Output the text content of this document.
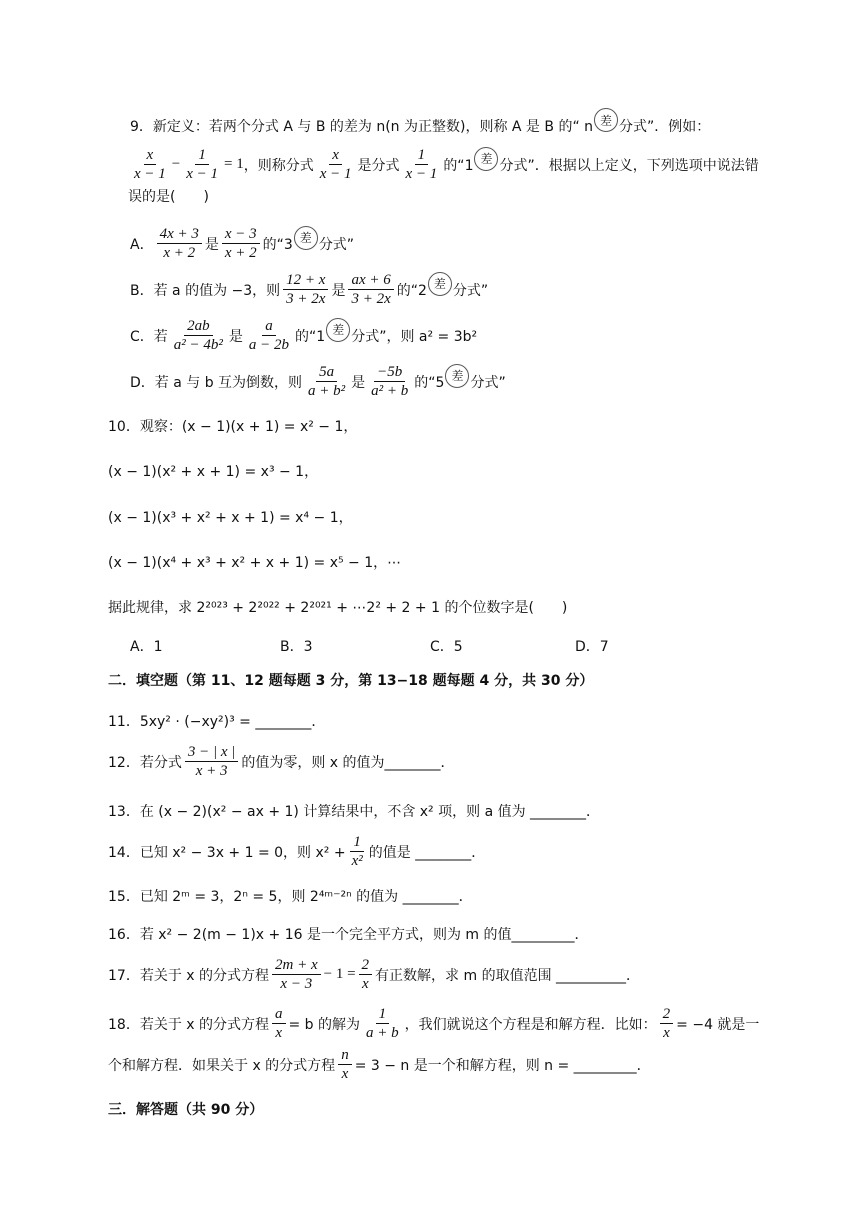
9．新定义：若两个分式 A 与 B 的差为 n(n 为正整数)，则称 A 是 B 的“ n 差 分式”．例如：
$\frac{x}{x - 1} - \frac{1}{x - 1} = 1$ ，则称分式 $\frac{x}{x - 1}$ 是分式 $\frac{1}{x - 1}$ 的“1 差 分式”．根据以上定义，下列选项中说法错
误的是(　　)
A． $\frac{4x + 3}{x + 2}$ 是 $\frac{x - 3}{x + 2}$ 的“3 差 分式”
B．若 a 的值为 −3，则 $\frac{12 + x}{3 + 2x}$ 是 $\frac{ax + 6}{3 + 2x}$ 的“2 差 分式”
C．若 $\frac{2ab}{\text{a² − 4b²}}$ 是 $\frac{a}{a - 2b}$ 的“1 差 分式”，则 a² = 3b²
D．若 a 与 b 互为倒数，则 $\frac{5a}{\text{a + b²}}$ 是 $\frac{-5b}{\text{a² + b}}$ 的“5 差 分式”
10．观察：(x − 1)(x + 1) = x² − 1，
(x − 1)(x² + x + 1) = x³ − 1，
(x − 1)(x³ + x² + x + 1) = x⁴ − 1，
(x − 1)(x⁴ + x³ + x² + x + 1) = x⁵ − 1，⋯
据此规律，求 2²⁰²³ + 2²⁰²² + 2²⁰²¹ + ⋯2² + 2 + 1 的个位数字是(　　)
A．1	B．3	C．5	D．7
二．填空题（第 11、12 题每题 3 分，第 13−18 题每题 4 分，共 30 分）
11．5xy² · (−xy²)³ = ________．
12．若分式 $\frac{3 - | x |}{x + 3}$ 的值为零，则 x 的值为________．
13．在 (x − 2)(x² − ax + 1) 计算结果中，不含 x² 项，则 a 值为 ________．
14．已知 x² − 3x + 1 = 0，则 $x^2 + \frac{1}{\text{x²}}$ 的值是 ________．
15．已知 2ᵐ = 3，2ⁿ = 5，则 2⁴ᵐ⁻²ⁿ 的值为 ________．
16．若 x² − 2(m − 1)x + 16 是一个完全平方式，则为 m 的值_________．
17．若关于 x 的分式方程 $\frac{2m + x}{x - 3} - 1 = \frac{2}{x}$ 有正数解，求 m 的取值范围 __________．
18．若关于 x 的分式方程 $\frac{a}{x} = b$ 的解为 $\frac{1}{a + b}$ ，我们就说这个方程是和解方程．比如： $\frac{2}{x} = -4$ 就是一
个和解方程．如果关于 x 的分式方程 $\frac{n}{x} = 3 - n$ 是一个和解方程，则 n = _________．
三．解答题（共 90 分）
